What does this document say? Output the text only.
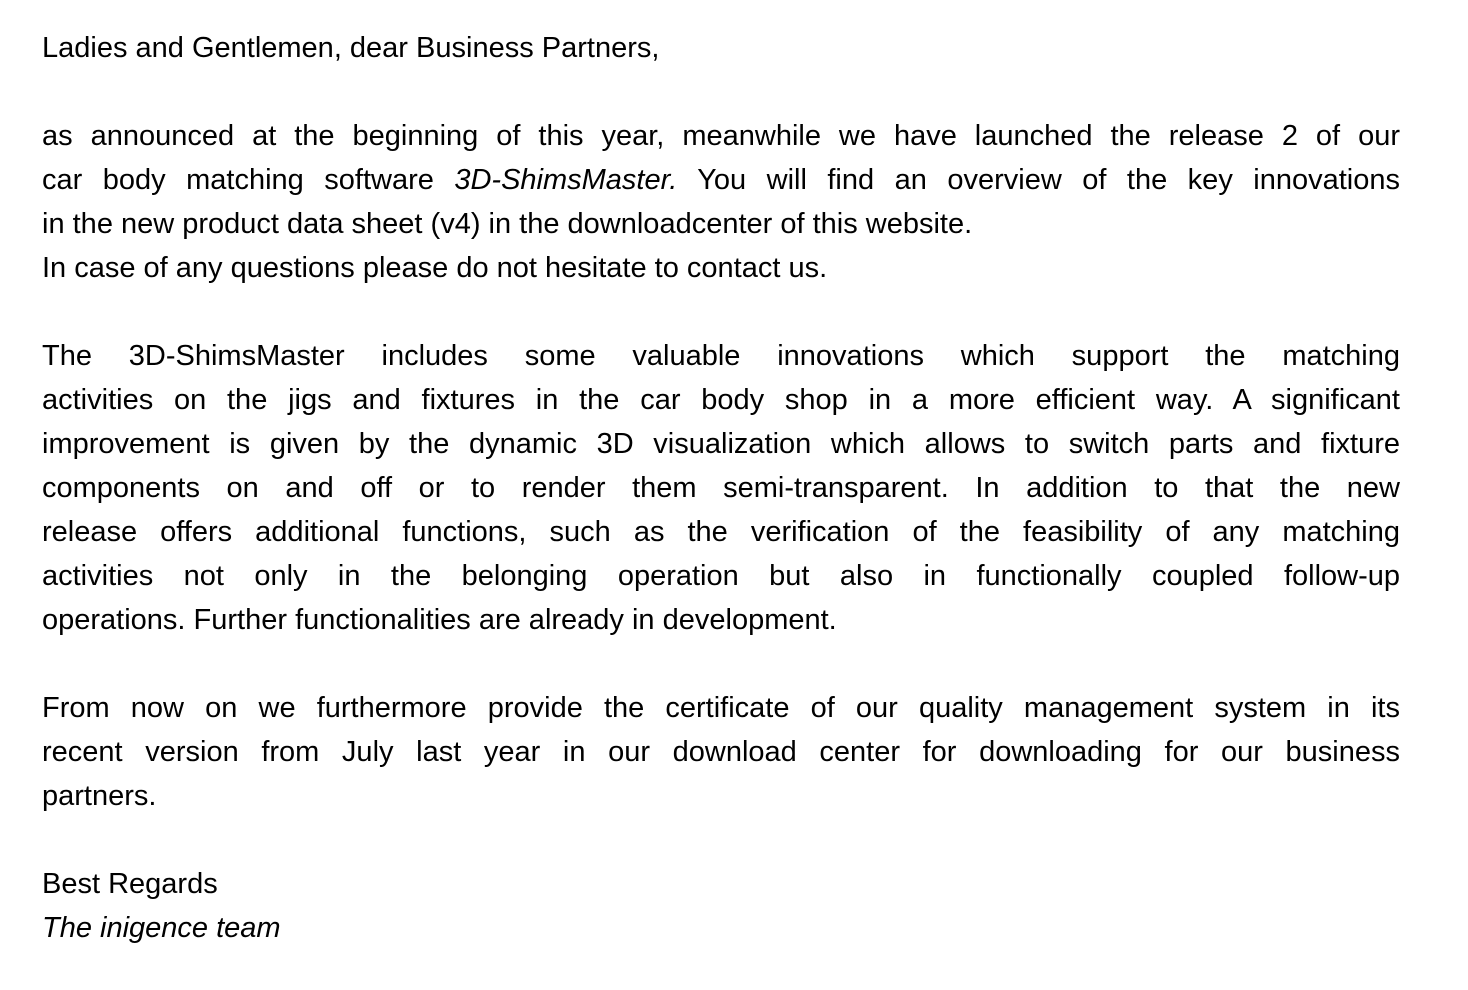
Ladies and Gentlemen, dear Business Partners,
as announced at the beginning of this year, meanwhile we have launched the release 2 of our
car body matching software 3D-ShimsMaster. You will find an overview of the key innovations
in the new product data sheet (v4) in the downloadcenter of this website.
In case of any questions please do not hesitate to contact us.
The 3D-ShimsMaster includes some valuable innovations which support the matching
activities on the jigs and fixtures in the car body shop in a more efficient way. A significant
improvement is given by the dynamic 3D visualization which allows to switch parts and fixture
components on and off or to render them semi-transparent. In addition to that the new
release offers additional functions, such as the verification of the feasibility of any matching
activities not only in the belonging operation but also in functionally coupled follow-up
operations. Further functionalities are already in development.
From now on we furthermore provide the certificate of our quality management system in its
recent version from July last year in our download center for downloading for our business
partners.
Best Regards
The inigence team
